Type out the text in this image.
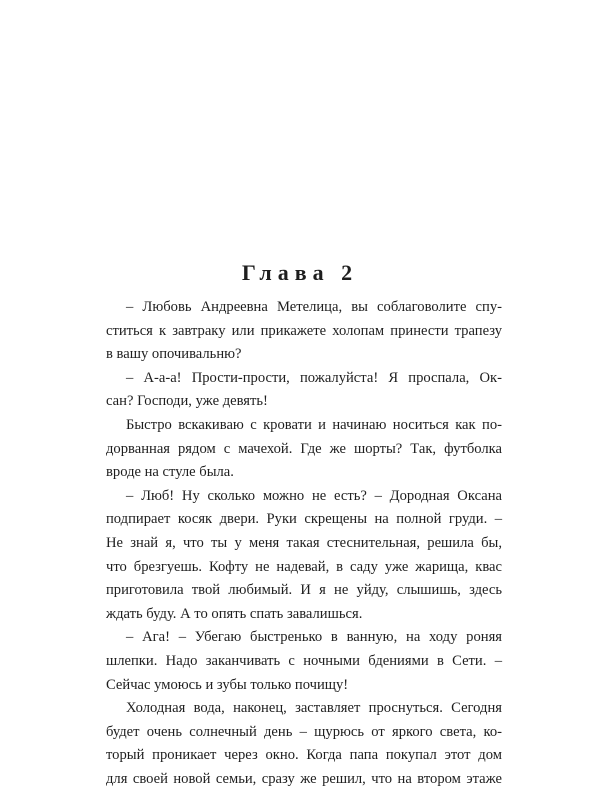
Глава 2
– Любовь Андреевна Метелица, вы соблаговолите спу-
ститься к завтраку или прикажете холопам принести трапезу
в вашу опочивальню?
– А-а-а! Прости-прости, пожалуйста! Я проспала, Ок-
сан? Господи, уже девять!
Быстро вскакиваю с кровати и начинаю носиться как по-
дорванная рядом с мачехой. Где же шорты? Так, футболка
вроде на стуле была.
– Люб! Ну сколько можно не есть? – Дородная Оксана
подпирает косяк двери. Руки скрещены на полной груди. –
Не знай я, что ты у меня такая стеснительная, решила бы,
что брезгуешь. Кофту не надевай, в саду уже жарища, квас
приготовила твой любимый. И я не уйду, слышишь, здесь
ждать буду. А то опять спать завалишься.
– Ага! – Убегаю быстренько в ванную, на ходу роняя
шлепки. Надо заканчивать с ночными бдениями в Сети. –
Сейчас умоюсь и зубы только почищу!
Холодная вода, наконец, заставляет проснуться. Сегодня
будет очень солнечный день – щурюсь от яркого света, ко-
торый проникает через окно. Когда папа покупал этот дом
для своей новой семьи, сразу же решил, что на втором этаже
